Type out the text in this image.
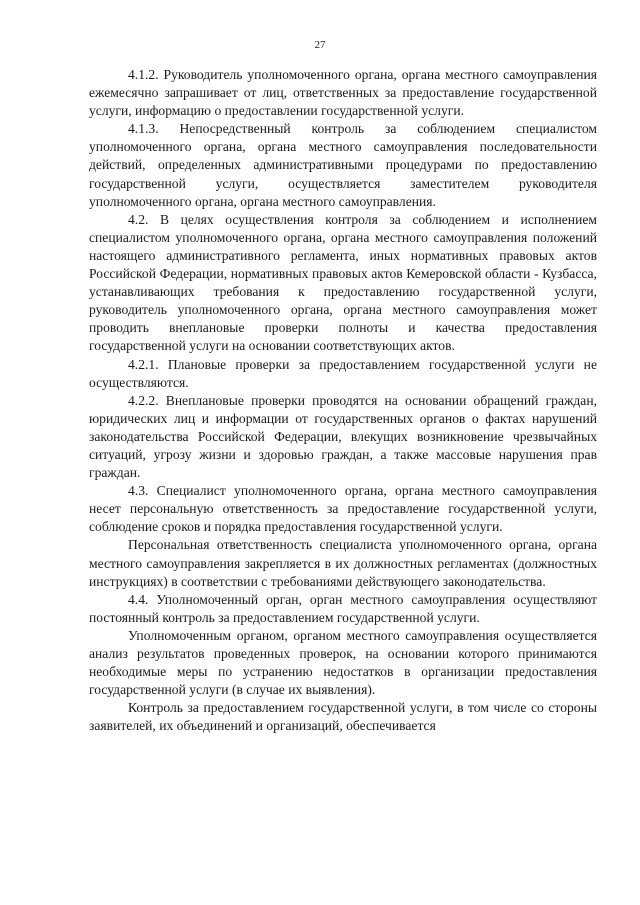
27

4.1.2. Руководитель уполномоченного органа, органа местного самоуправления ежемесячно запрашивает от лиц, ответственных за предоставление государственной услуги, информацию о предоставлении государственной услуги.

4.1.3. Непосредственный контроль за соблюдением специалистом уполномоченного органа, органа местного самоуправления последовательности действий, определенных административными процедурами по предоставлению государственной услуги, осуществляется заместителем руководителя уполномоченного органа, органа местного самоуправления.

4.2. В целях осуществления контроля за соблюдением и исполнением специалистом уполномоченного органа, органа местного самоуправления положений настоящего административного регламента, иных нормативных правовых актов Российской Федерации, нормативных правовых актов Кемеровской области - Кузбасса, устанавливающих требования к предоставлению государственной услуги, руководитель уполномоченного органа, органа местного самоуправления может проводить внеплановые проверки полноты и качества предоставления государственной услуги на основании соответствующих актов.

4.2.1. Плановые проверки за предоставлением государственной услуги не осуществляются.

4.2.2. Внеплановые проверки проводятся на основании обращений граждан, юридических лиц и информации от государственных органов о фактах нарушений законодательства Российской Федерации, влекущих возникновение чрезвычайных ситуаций, угрозу жизни и здоровью граждан, а также массовые нарушения прав граждан.

4.3. Специалист уполномоченного органа, органа местного самоуправления несет персональную ответственность за предоставление государственной услуги, соблюдение сроков и порядка предоставления государственной услуги.

Персональная ответственность специалиста уполномоченного органа, органа местного самоуправления закрепляется в их должностных регламентах (должностных инструкциях) в соответствии с требованиями действующего законодательства.

4.4. Уполномоченный орган, орган местного самоуправления осуществляют постоянный контроль за предоставлением государственной услуги.

Уполномоченным органом, органом местного самоуправления осуществляется анализ результатов проведенных проверок, на основании которого принимаются необходимые меры по устранению недостатков в организации предоставления государственной услуги (в случае их выявления).

Контроль за предоставлением государственной услуги, в том числе со стороны заявителей, их объединений и организаций, обеспечивается
